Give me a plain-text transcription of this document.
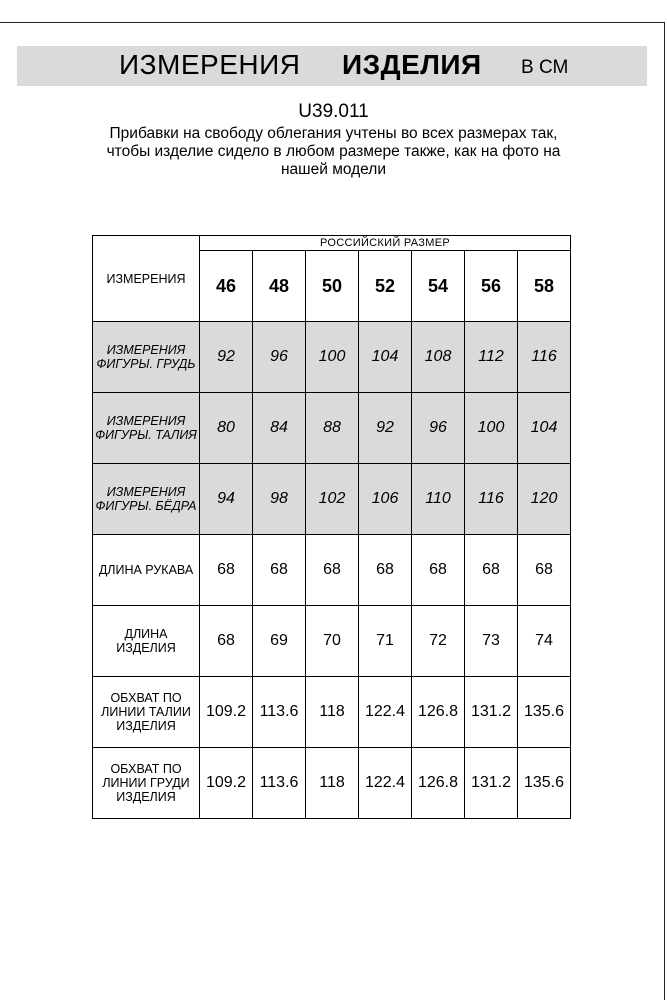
ИЗМЕРЕНИЯ ИЗДЕЛИЯ В СМ
U39.011
Прибавки на свободу облегания учтены во всех размерах так, чтобы изделие сидело в любом размере также, как на фото на нашей модели
ИЗМЕРЕНИЯ	РОССИЙСКИЙ РАЗМЕР						
	46	48	50	52	54	56	58
ИЗМЕРЕНИЯ ФИГУРЫ. ГРУДЬ	92	96	100	104	108	112	116
ИЗМЕРЕНИЯ ФИГУРЫ. ТАЛИЯ	80	84	88	92	96	100	104
ИЗМЕРЕНИЯ ФИГУРЫ. БЁДРА	94	98	102	106	110	116	120
ДЛИНА РУКАВА	68	68	68	68	68	68	68
ДЛИНА ИЗДЕЛИЯ	68	69	70	71	72	73	74
ОБХВАТ ПО ЛИНИИ ТАЛИИ ИЗДЕЛИЯ	109.2	113.6	118	122.4	126.8	131.2	135.6
ОБХВАТ ПО ЛИНИИ ГРУДИ ИЗДЕЛИЯ	109.2	113.6	118	122.4	126.8	131.2	135.6
